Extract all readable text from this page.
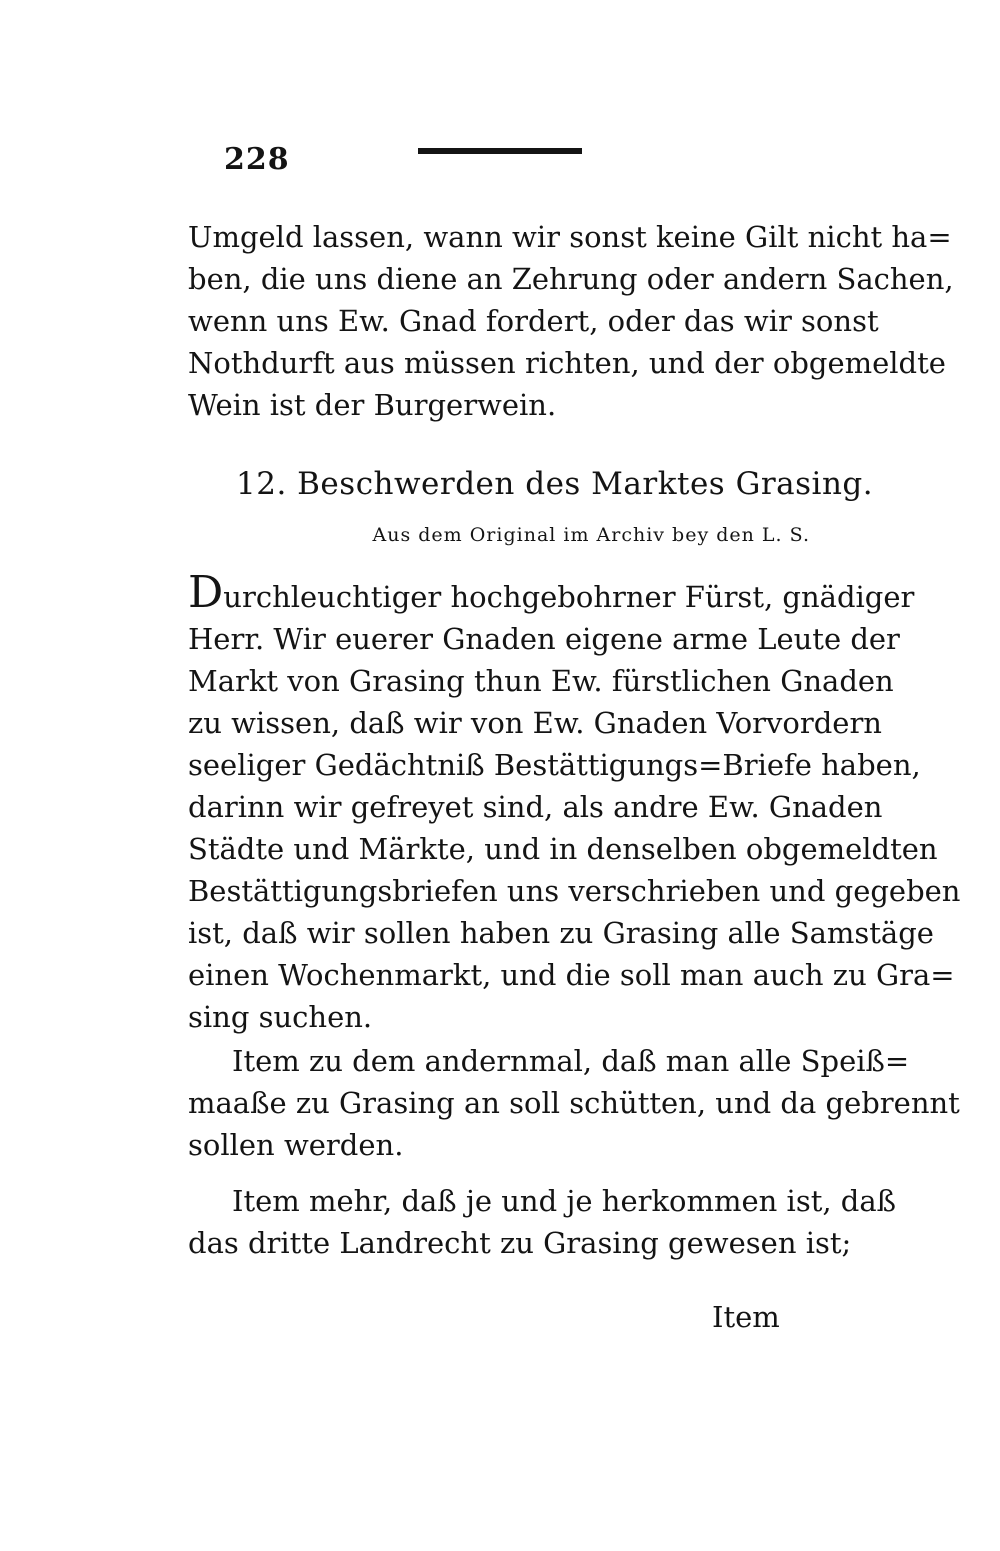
228
Umgeld lassen, wann wir sonst keine Gilt nicht ha=
ben, die uns diene an Zehrung oder andern Sachen,
wenn uns Ew. Gnad fordert, oder das wir sonst
Nothdurft aus müssen richten, und der obgemeldte
Wein ist der Burgerwein.
12. Beschwerden des Marktes Grasing.
Aus dem Original im Archiv bey den L. S.
Durchleuchtiger hochgebohrner Fürst, gnädiger
Herr. Wir euerer Gnaden eigene arme Leute der
Markt von Grasing thun Ew. fürstlichen Gnaden
zu wissen, daß wir von Ew. Gnaden Vorvordern
seeliger Gedächtniß Bestättigungs=Briefe haben,
darinn wir gefreyet sind, als andre Ew. Gnaden
Städte und Märkte, und in denselben obgemeldten
Bestättigungsbriefen uns verschrieben und gegeben
ist, daß wir sollen haben zu Grasing alle Samstäge
einen Wochenmarkt, und die soll man auch zu Gra=
sing suchen.
Item zu dem andernmal, daß man alle Speiß=
maaße zu Grasing an soll schütten, und da gebrennt
sollen werden.
Item mehr, daß je und je herkommen ist, daß
das dritte Landrecht zu Grasing gewesen ist;
Item
